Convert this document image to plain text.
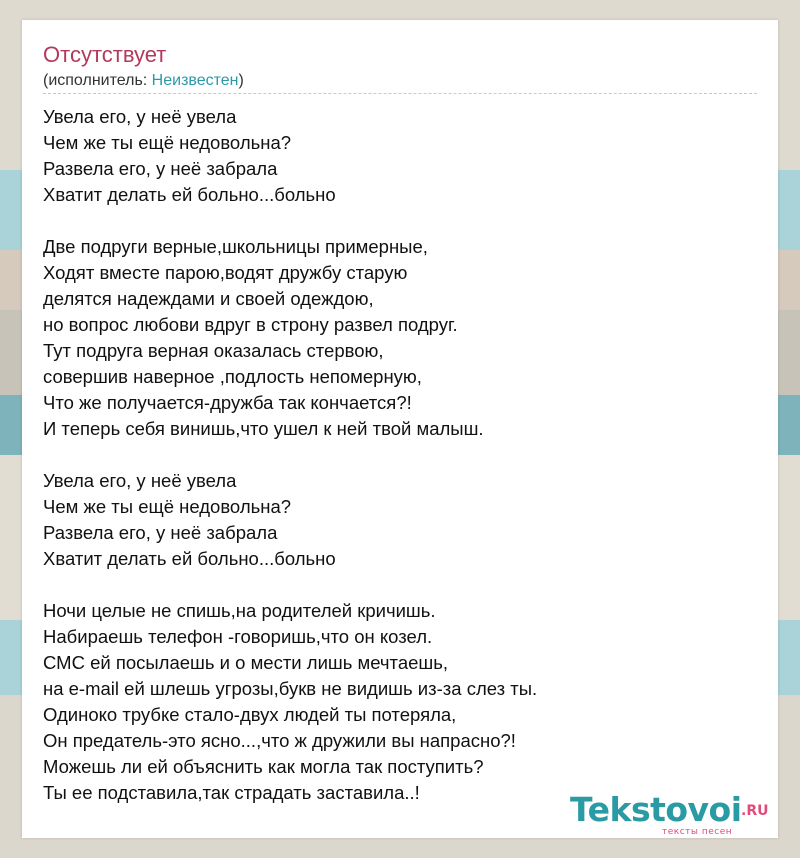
Отсутствует
(исполнитель: Неизвестен)
Увела его, у неё увела
Чем же ты ещё недовольна?
Развела его, у неё забрала
Хватит делать ей больно...больно
Две подруги верные,школьницы примерные,
Ходят вместе парою,водят дружбу старую
делятся надеждами и своей одеждою,
но вопрос любови вдруг в строну развел подруг.
Тут подруга верная оказалась стервою,
совершив наверное ,подлость непомерную,
Что же получается-дружба так кончается?!
И теперь себя винишь,что ушел к ней твой малыш.
Увела его, у неё увела
Чем же ты ещё недовольна?
Развела его, у неё забрала
Хватит делать ей больно...больно
Ночи целые не спишь,на родителей кричишь.
Набираешь телефон -говоришь,что он козел.
СМС ей посылаешь и о мести лишь мечтаешь,
на e-mail ей шлешь угрозы,букв не видишь из-за слез ты.
Одиноко трубке стало-двух людей ты потеряла,
Он предатель-это ясно...,что ж дружили вы напрасно?!
Можешь ли ей объяснить как могла так поступить?
Ты ее подставила,так страдать заставила..!	Tekstovoi .RU
тексты песен
